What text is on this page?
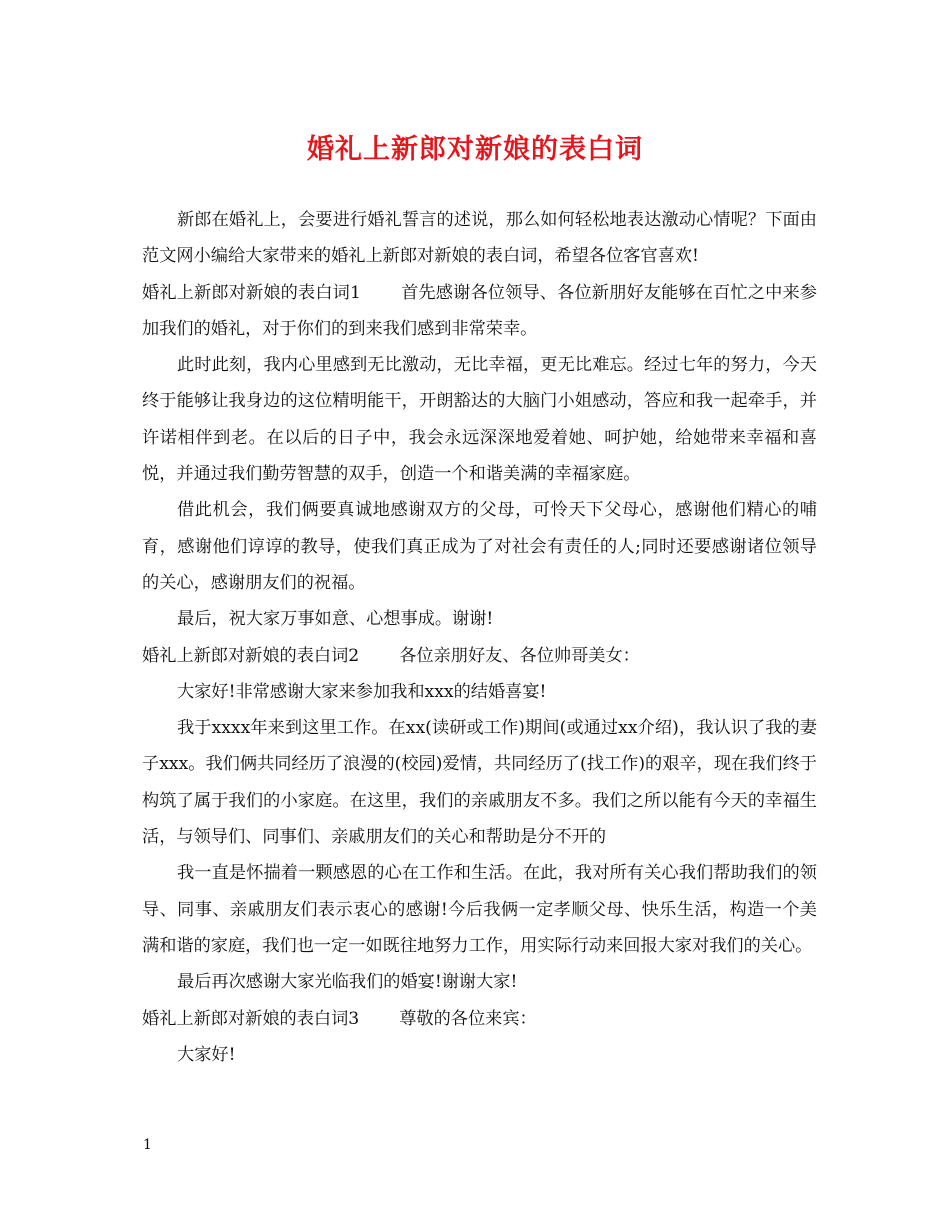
婚礼上新郎对新娘的表白词

新郎在婚礼上，会要进行婚礼誓言的述说，那么如何轻松地表达激动心情呢？下面由范文网小编给大家带来的婚礼上新郎对新娘的表白词，希望各位客官喜欢!

婚礼上新郎对新娘的表白词1 首先感谢各位领导、各位新朋好友能够在百忙之中来参加我们的婚礼，对于你们的到来我们感到非常荣幸。

此时此刻，我内心里感到无比激动，无比幸福，更无比难忘。经过七年的努力，今天终于能够让我身边的这位精明能干，开朗豁达的大脑门小姐感动，答应和我一起牵手，并许诺相伴到老。在以后的日子中，我会永远深深地爱着她、呵护她，给她带来幸福和喜悦，并通过我们勤劳智慧的双手，创造一个和谐美满的幸福家庭。

借此机会，我们俩要真诚地感谢双方的父母，可怜天下父母心，感谢他们精心的哺育，感谢他们谆谆的教导，使我们真正成为了对社会有责任的人;同时还要感谢诸位领导的关心，感谢朋友们的祝福。

最后，祝大家万事如意、心想事成。谢谢!

婚礼上新郎对新娘的表白词2 各位亲朋好友、各位帅哥美女：

大家好!非常感谢大家来参加我和xxx的结婚喜宴!

我于xxxx年来到这里工作。在xx(读研或工作)期间(或通过xx介绍)，我认识了我的妻子xxx。我们俩共同经历了浪漫的(校园)爱情，共同经历了(找工作)的艰辛，现在我们终于构筑了属于我们的小家庭。在这里，我们的亲戚朋友不多。我们之所以能有今天的幸福生活，与领导们、同事们、亲戚朋友们的关心和帮助是分不开的

我一直是怀揣着一颗感恩的心在工作和生活。在此，我对所有关心我们帮助我们的领导、同事、亲戚朋友们表示衷心的感谢!今后我俩一定孝顺父母、快乐生活，构造一个美满和谐的家庭，我们也一定一如既往地努力工作，用实际行动来回报大家对我们的关心。

最后再次感谢大家光临我们的婚宴!谢谢大家!

婚礼上新郎对新娘的表白词3 尊敬的各位来宾：

大家好!

1
